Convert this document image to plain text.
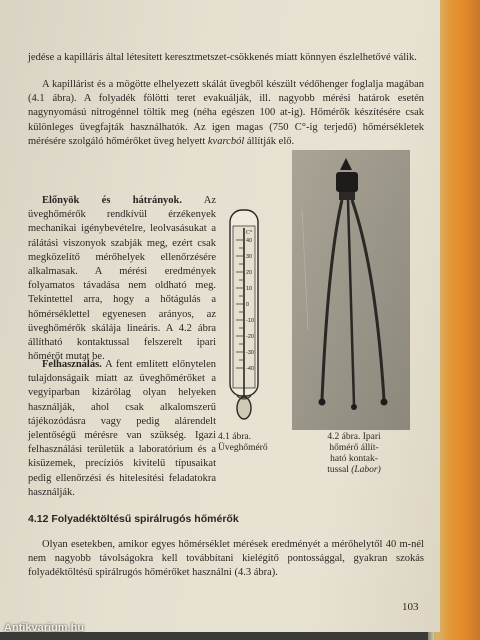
jedése a kapilláris által létesített keresztmetszet-csökkenés miatt könnyen észlelhetővé válik.

A kapillárist és a mögötte elhelyezett skálát üvegből készült védőhenger foglalja magában (4.1 ábra). A folyadék fölötti teret evakuálják, ill. nagyobb mérési határok esetén nagynyomású nitrogénnel töltik meg (néha egészen 100 at-ig). Hőmérők készítésére csak különleges üvegfajták használhatók. Az igen magas (750 C°-ig terjedő) hőmérsékletek mérésére szolgáló hőmérőket üveg helyett kvarcból állítják elő.

Előnyök és hátrányok. Az üveghőmérők rendkívül érzékenyek mechanikai igénybevételre, leolvasásukat a rálátási viszonyok szabják meg, ezért csak megközelítő mérőhelyek ellenőrzésére alkalmasak. A mérési eredmények folyamatos távadása nem oldható meg. Tekintettel arra, hogy a hőtágulás a hőmérséklettel egyenesen arányos, az üveghőmérők skálája lineáris. A 4.2 ábra állítható kontaktussal felszerelt ipari hőmérőt mutat be.

Felhasználás. A fent említett előnytelen tulajdonságaik miatt az üveghőmérőket a vegyiparban kizárólag olyan helyeken használják, ahol csak alkalomszerű tájékozódásra vagy pedig alárendelt jelentőségű mérésre van szükség. Igazi felhasználási területük a laboratórium és a kisüzemek, precíziós kivitelű típusaikat pedig ellenőrzési és hitelesítési feladatokra használják.

4.12 Folyadéktöltésű spirálrugós hőmérők

Olyan esetekben, amikor egyes hőmérséklet mérések eredményét a mérőhelytől 40 m-nél nem nagyobb távolságokra kell továbbítani kielégítő pontossággal, gyakran szokás folyadéktöltésű spirálrugós hőmérőket használni (4.3 ábra).

C°
40
30
20
10
0
-10
-20
-30
-40
4.1 ábra.
Üveghőmérő
4.2 ábra. Ipari
hőmérő állít-
ható kontak-
tussal (Labor)
103
Antikvarium.hu
